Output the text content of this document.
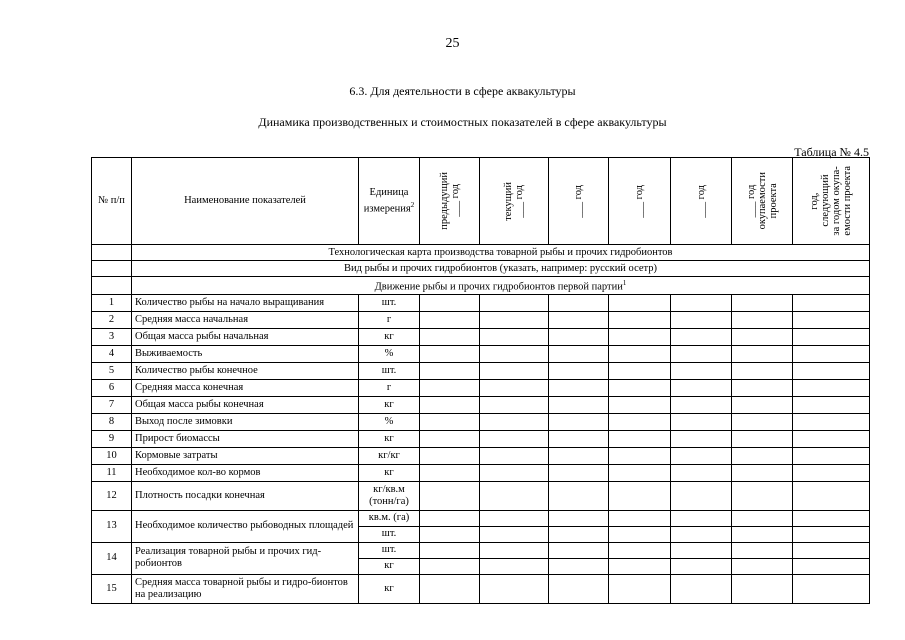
25
6.3. Для деятельности в сфере аквакультуры
Динамика производственных и стоимостных показателей в сфере аквакультуры
Таблица № 4.5
№ п/п	Наименование показателей	Единица измерения$^2$	предыдущий ___ год	текущий ___ год	___ год	___ год	___ год	___ год окупаемости проекта	год, следующий за годом окупа- емости проекта

	Технологическая карта производства товарной рыбы и прочих гидробионтов								
	Вид рыбы и прочих гидробионтов (указать, например: русский осетр)								
	Движение рыбы и прочих гидробионтов первой партии$^1$
1	Количество рыбы на начало выращивания	шт.							
2	Средняя масса начальная	г							
3	Общая масса рыбы начальная	кг							
4	Выживаемость	%							
5	Количество рыбы конечное	шт.							
6	Средняя масса конечная	г							
7	Общая масса рыбы конечная	кг							
8	Выход после зимовки	%							
9	Прирост биомассы	кг							
10	Кормовые затраты	кг/кг							
11	Необходимое кол-во кормов	кг							
12	Плотность посадки конечная	кг/кв.м (тонн/га)							
13	Необходимое количество рыбоводных площадей	кв.м. (га)							
		шт.							
14	Реализация товарной рыбы и прочих гид-робионтов	шт.							
		кг							
15	Средняя масса товарной рыбы и гидро-бионтов на реализацию	кг							
